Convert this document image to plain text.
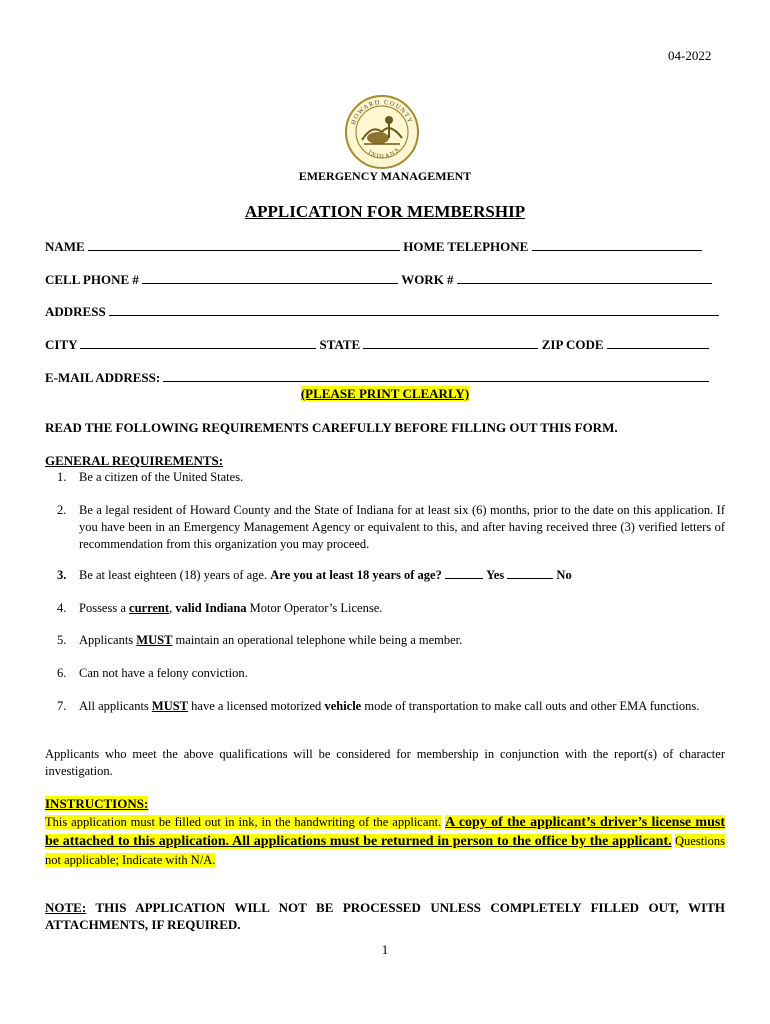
04-2022
HOWARD COUNTY
INDIANA
EMERGENCY MANAGEMENT
APPLICATION FOR MEMBERSHIP
NAME	HOME TELEPHONE
CELL PHONE #	WORK #
ADDRESS
CITY	STATE	ZIP CODE
E-MAIL ADDRESS:
(PLEASE PRINT CLEARLY)
READ THE FOLLOWING REQUIREMENTS CAREFULLY BEFORE FILLING OUT THIS FORM.
GENERAL REQUIREMENTS:
1.	Be a citizen of the United States.
2.	Be a legal resident of Howard County and the State of Indiana for at least six (6) months, prior to the date on this application. If you have been in an Emergency Management Agency or equivalent to this, and after having received three (3) verified letters of recommendation from this organization you may proceed.
3.	Be at least eighteen (18) years of age. Are you at least 18 years of age?	Yes	No
4.	Possess a current, valid Indiana Motor Operator’s License.
5.	Applicants MUST maintain an operational telephone while being a member.
6.	Can not have a felony conviction.
7.	All applicants MUST have a licensed motorized vehicle mode of transportation to make call outs and other EMA functions.
Applicants who meet the above qualifications will be considered for membership in conjunction with the report(s) of character investigation.
INSTRUCTIONS:
This application must be filled out in ink, in the handwriting of the applicant. A copy of the applicant’s driver’s license must be attached to this application. All applications must be returned in person to the office by the applicant. Questions not applicable; Indicate with N/A.
NOTE: THIS APPLICATION WILL NOT BE PROCESSED UNLESS COMPLETELY FILLED OUT, WITH ATTACHMENTS, IF REQUIRED.
1
